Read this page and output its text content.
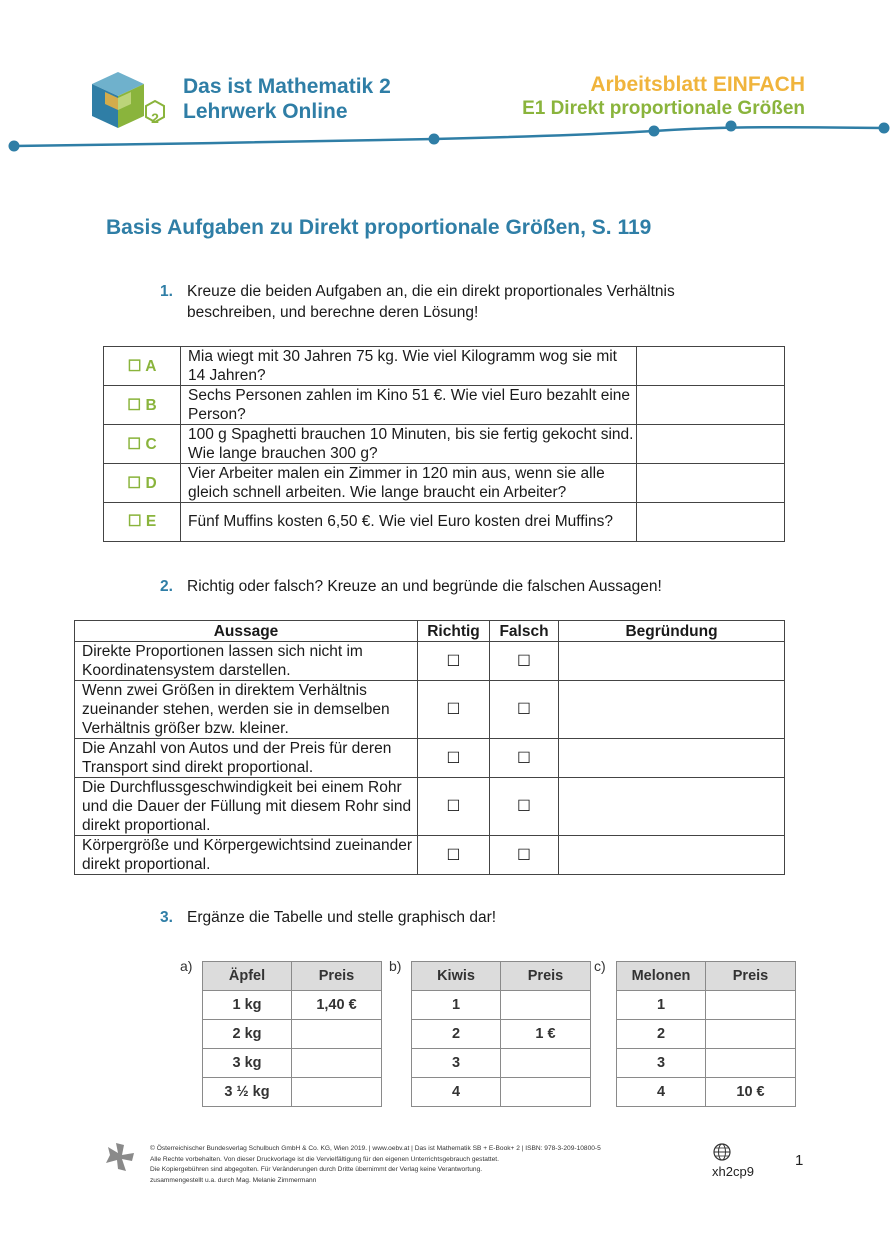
2
Das ist Mathematik 2
Lehrwerk Online
Arbeitsblatt EINFACH
E1 Direkt proportionale Größen
Basis Aufgaben zu Direkt proportionale Größen, S. 119
1. Kreuze die beiden Aufgaben an, die ein direkt proportionales Verhältnis beschreiben, und berechne deren Lösung!
☐ A	Mia wiegt mit 30 Jahren 75 kg. Wie viel Kilogramm wog sie mit 14 Jahren?	
☐ B	Sechs Personen zahlen im Kino 51 €. Wie viel Euro bezahlt eine Person?	
☐ C	100 g Spaghetti brauchen 10 Minuten, bis sie fertig gekocht sind. Wie lange brauchen 300 g?	
☐ D	Vier Arbeiter malen ein Zimmer in 120 min aus, wenn sie alle gleich schnell arbeiten. Wie lange braucht ein Arbeiter?	
☐ E	Fünf Muffins kosten 6,50 €. Wie viel Euro kosten drei Muffins?	
2. Richtig oder falsch? Kreuze an und begründe die falschen Aussagen!
Aussage	Richtig	Falsch	Begründung
Direkte Proportionen lassen sich nicht im Koordinatensystem darstellen.	☐	☐	
Wenn zwei Größen in direktem Verhältnis zueinander stehen, werden sie in demselben Verhältnis größer bzw. kleiner.	☐	☐	
Die Anzahl von Autos und der Preis für deren Transport sind direkt proportional.	☐	☐	
Die Durchflussgeschwindigkeit bei einem Rohr und die Dauer der Füllung mit diesem Rohr sind direkt proportional.	☐	☐	
Körpergröße und Körpergewichtsind zueinander direkt proportional.	☐	☐	
3. Ergänze die Tabelle und stelle graphisch dar!
a)
Äpfel	Preis
1 kg	1,40 €
2 kg	
3 kg	
3 ½ kg	
b)
Kiwis	Preis
1	
2	1 €
3	
4	
c)
Melonen	Preis
1	
2	
3	
4	10 €
© Österreichischer Bundesverlag Schulbuch GmbH & Co. KG, Wien 2019. | www.oebv.at | Das ist Mathematik SB + E-Book+ 2 | ISBN: 978-3-209-10800-5
Alle Rechte vorbehalten. Von dieser Druckvorlage ist die Vervielfältigung für den eigenen Unterrichtsgebrauch gestattet.
Die Kopiergebühren sind abgegolten. Für Veränderungen durch Dritte übernimmt der Verlag keine Verantwortung.
zusammengestellt u.a. durch Mag. Melanie Zimmermann
xh2cp9
1
